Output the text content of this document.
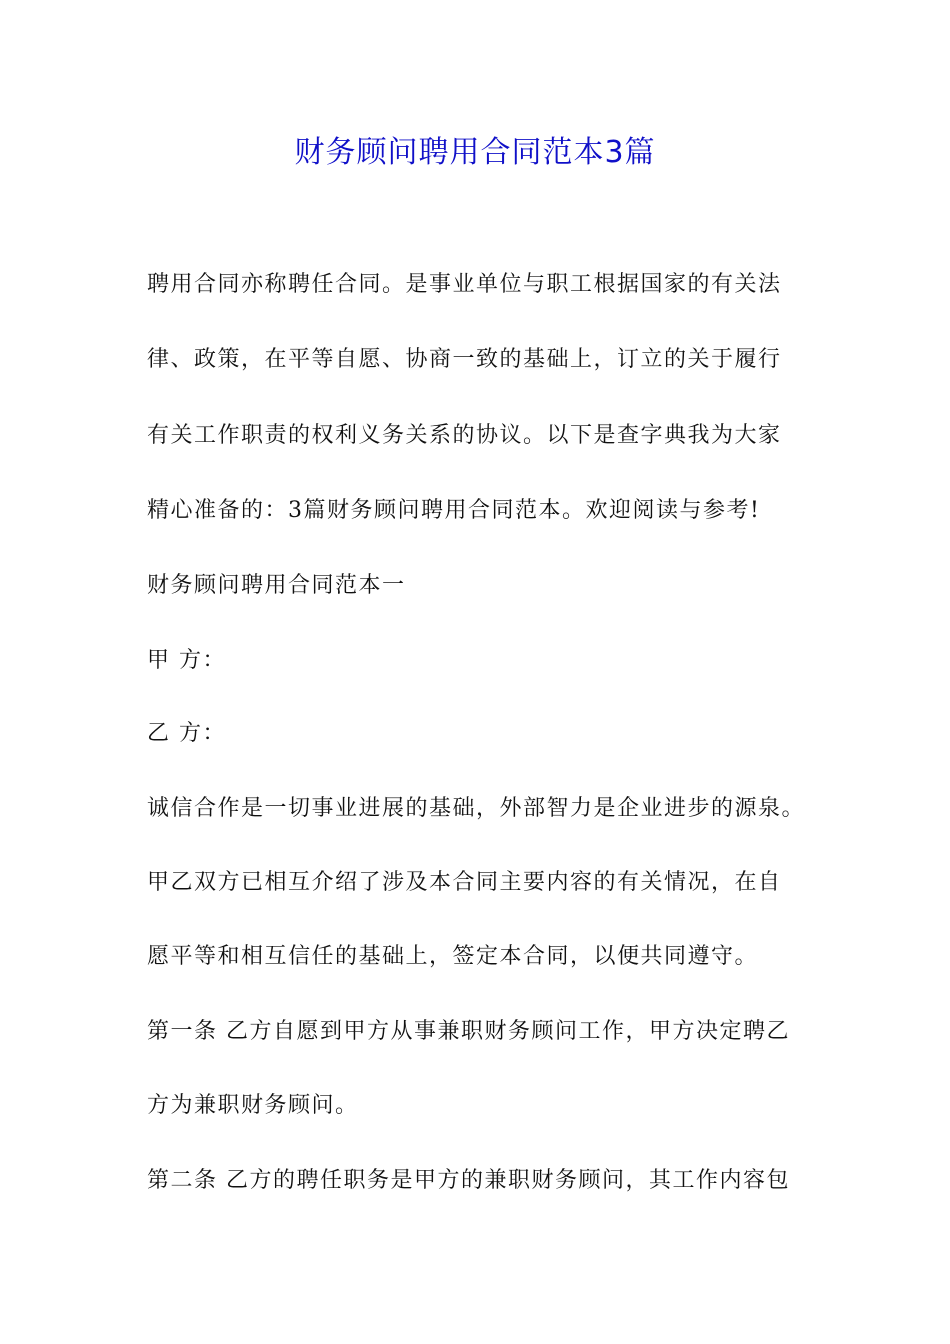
财务顾问聘用合同范本3篇
聘用合同亦称聘任合同。是事业单位与职工根据国家的有关法
律、政策，在平等自愿、协商一致的基础上，订立的关于履行
有关工作职责的权利义务关系的协议。以下是查字典我为大家
精心准备的：3篇财务顾问聘用合同范本。欢迎阅读与参考!
财务顾问聘用合同范本一
甲 方：
乙 方：
诚信合作是一切事业进展的基础，外部智力是企业进步的源泉。
甲乙双方已相互介绍了涉及本合同主要内容的有关情况，在自
愿平等和相互信任的基础上，签定本合同，以便共同遵守。
第一条 乙方自愿到甲方从事兼职财务顾问工作，甲方决定聘乙
方为兼职财务顾问。
第二条 乙方的聘任职务是甲方的兼职财务顾问，其工作内容包
